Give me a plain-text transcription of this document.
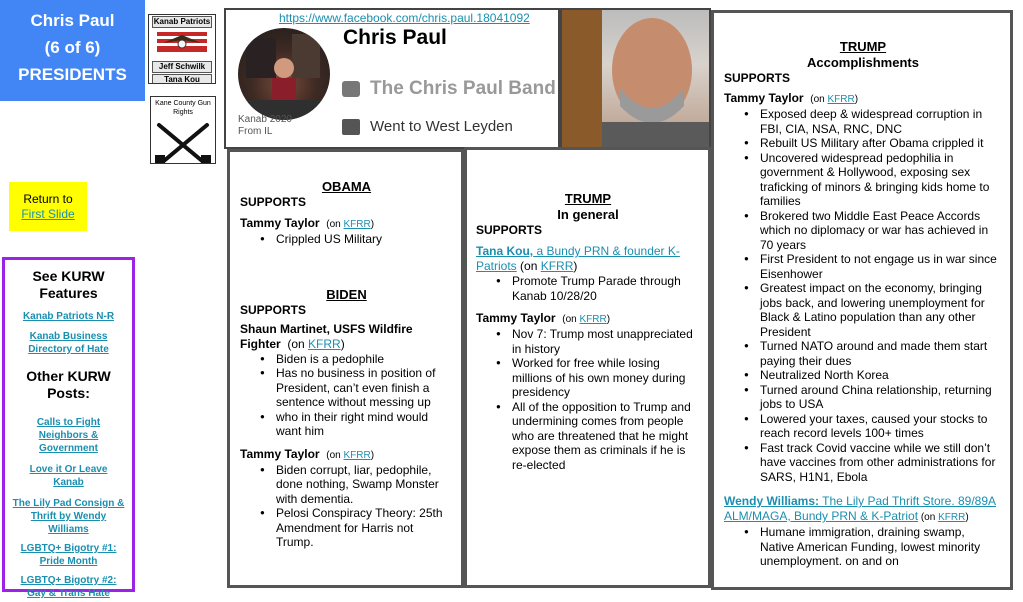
Chris Paul
(6 of 6)
PRESIDENTS
Kanab Patriots
Jeff Schwilk
Tana Kou
Kane County Gun Rights
Return to
First Slide
See KURW Features
Kanab Patriots N-R
Kanab Business Directory of Hate
Other KURW Posts:
Calls to Fight Neighbors & Government
Love it Or Leave Kanab
The Lily Pad Consign & Thrift by Wendy Williams
LGBTQ+ Bigotry #1: Pride Month
LGBTQ+ Bigotry #2: Gay & Trans Hate
https://www.facebook.com/chris.paul.18041092
Chris Paul
Kanab 2020
From IL
The Chris Paul Band
Went to West Leyden
OBAMA
SUPPORTS
Tammy Taylor (on KFRR)
● Crippled US Military
BIDEN
SUPPORTS
Shaun Martinet, USFS Wildfire Fighter (on KFRR)
● Biden is a pedophile
● Has no business in position of President, can’t even finish a sentence without messing up
● who in their right mind would want him
Tammy Taylor (on KFRR)
● Biden corrupt, liar, pedophile, done nothing, Swamp Monster with dementia.
● Pelosi Conspiracy Theory: 25th Amendment for Harris not Trump.
TRUMP
In general
SUPPORTS
Tana Kou, a Bundy PRN & founder K-Patriots (on KFRR)
● Promote Trump Parade through Kanab 10/28/20
Tammy Taylor (on KFRR)
● Nov 7: Trump most unappreciated in history
● Worked for free while losing millions of his own money during presidency
● All of the opposition to Trump and undermining comes from people who are threatened that he might expose them as criminals if he is re-elected
TRUMP
Accomplishments
SUPPORTS
Tammy Taylor (on KFRR)
● Exposed deep & widespread corruption in FBI, CIA, NSA, RNC, DNC
● Rebuilt US Military after Obama crippled it
● Uncovered widespread pedophilia in government & Hollywood, exposing sex traficking of minors & bringing kids home to families
● Brokered two Middle East Peace Accords which no diplomacy or war has achieved in 70 years
● First President to not engage us in war since Eisenhower
● Greatest impact on the economy, bringing jobs back, and lowering unemployment for Black & Latino population than any other President
● Turned NATO around and made them start paying their dues
● Neutralized North Korea
● Turned around China relationship, returning jobs to USA
● Lowered your taxes, caused your stocks to reach record levels 100+ times
● Fast track Covid vaccine while we still don’t have vaccines from other administrations for SARS, H1N1, Ebola
Wendy Williams: The Lily Pad Thrift Store. 89/89A ALM/MAGA, Bundy PRN & K-Patriot (on KFRR)
● Humane immigration, draining swamp, Native American Funding, lowest minority unemployment. on and on
